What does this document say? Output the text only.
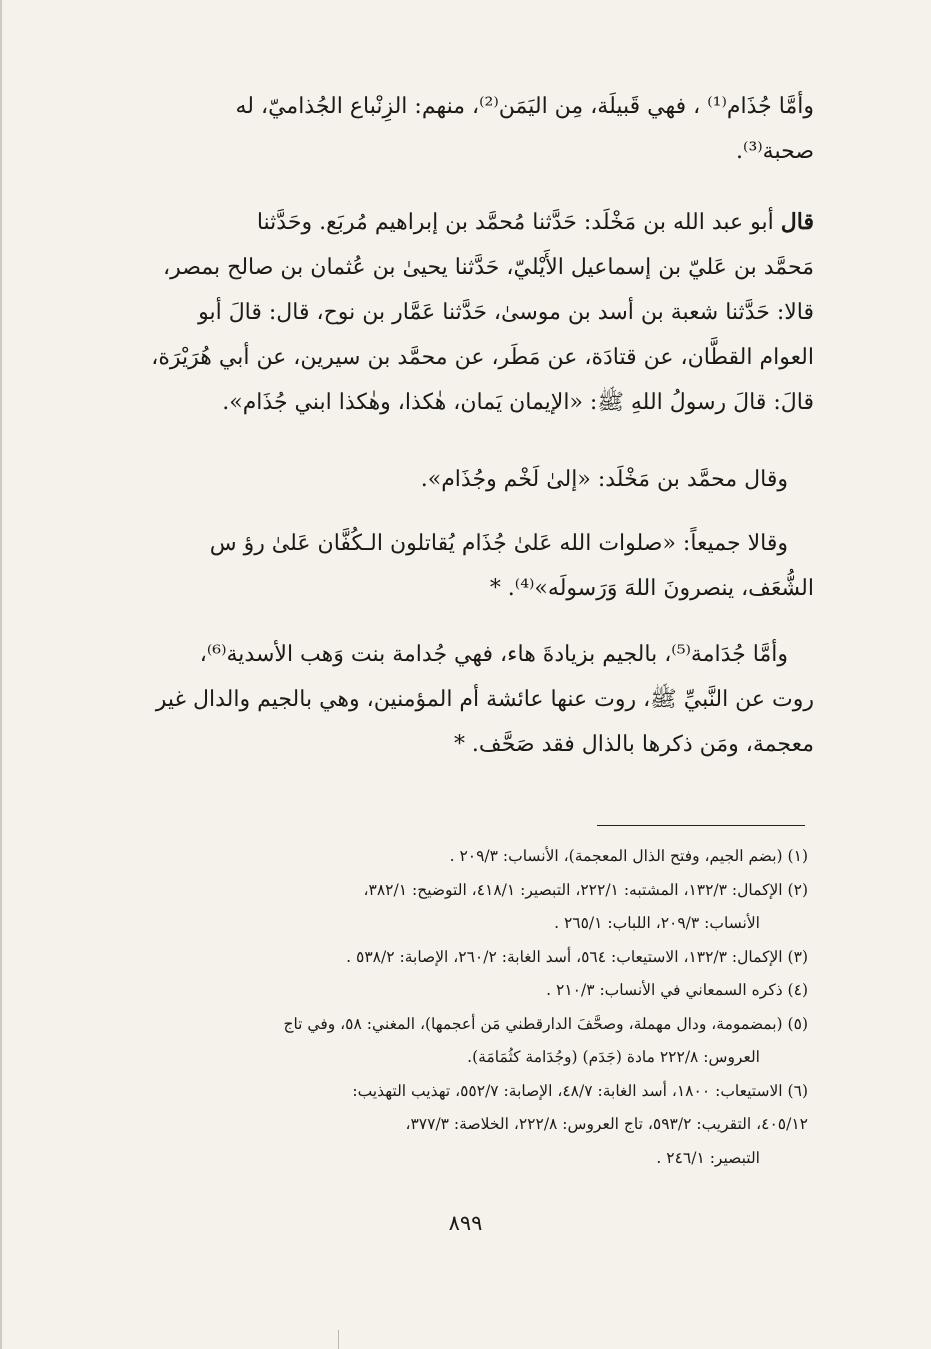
وأمَّا جُذَام⁽¹⁾ ، فهي قَبيلَة، مِن اليَمَن⁽²⁾، منهم: الزِنْباع الجُذاميّ، له

صحبة⁽³⁾.

قال أبو عبد الله بن مَخْلَد: حَدَّثنا مُحمَّد بن إبراهيم مُربَع. وحَدَّثنا

مَحمَّد بن عَليّ بن إسماعيل الأَيْليّ، حَدَّثنا يحيىٰ بن عُثمان بن صالح بمصر،

قالا: حَدَّثنا شعبة بن أسد بن موسىٰ، حَدَّثنا عَمَّار بن نوح، قال: قالَ أبو

العوام القطَّان، عن قتادَة، عن مَطَر، عن محمَّد بن سيرين، عن أبي هُرَيْرَة،

قالَ: قالَ رسولُ اللهِ ﷺ: «الإيمان يَمان، هٰكذا، وهٰكذا ابني جُذَام».

وقال محمَّد بن مَخْلَد: «إلىٰ لَخْم وجُذَام».

وقالا جميعاً: «صلوات الله عَلىٰ جُذَام يُقاتلون الـكُفَّان عَلىٰ رؤ س

الشُّعَف، ينصرونَ اللهَ وَرَسولَه»⁽⁴⁾. *

وأمَّا جُدَامة⁽⁵⁾، بالجيم بزيادةَ هاء، فهي جُدامة بنت وَهب الأسدية⁽⁶⁾،

روت عن النَّبيِّ ﷺ، روت عنها عائشة أم المؤمنين، وهي بالجيم والدال غير

معجمة، ومَن ذكرها بالذال فقد صَحَّف. *

(١) (بضم الجيم، وفتح الذال المعجمة)، الأنساب: ٢٠٩/٣ .

(٢) الإكمال: ١٣٢/٣، المشتبه: ٢٢٢/١، التبصير: ٤١٨/١، التوضيح: ٣٨٢/١،

الأنساب: ٢٠٩/٣، اللباب: ٢٦٥/١ .

(٣) الإكمال: ١٣٢/٣، الاستيعاب: ٥٦٤، أسد الغابة: ٢٦٠/٢، الإصابة: ٥٣٨/٢ .

(٤) ذكره السمعاني في الأنساب: ٢١٠/٣ .

(٥) (بمضمومة، ودال مهملة، وصحَّفَ الدارقطني مَن أعجمها)، المغني: ٥٨، وفي تاج

العروس: ٢٢٢/٨ مادة (جَدَم) (وجُدَامة كثُمَامَة).

(٦) الاستيعاب: ١٨٠٠، أسد الغابة: ٤٨/٧، الإصابة: ٥٥٢/٧، تهذيب التهذيب:

٤٠٥/١٢، التقريب: ٥٩٣/٢، تاج العروس: ٢٢٢/٨، الخلاصة: ٣٧٧/٣،

التبصير: ٢٤٦/١ .

٨٩٩
